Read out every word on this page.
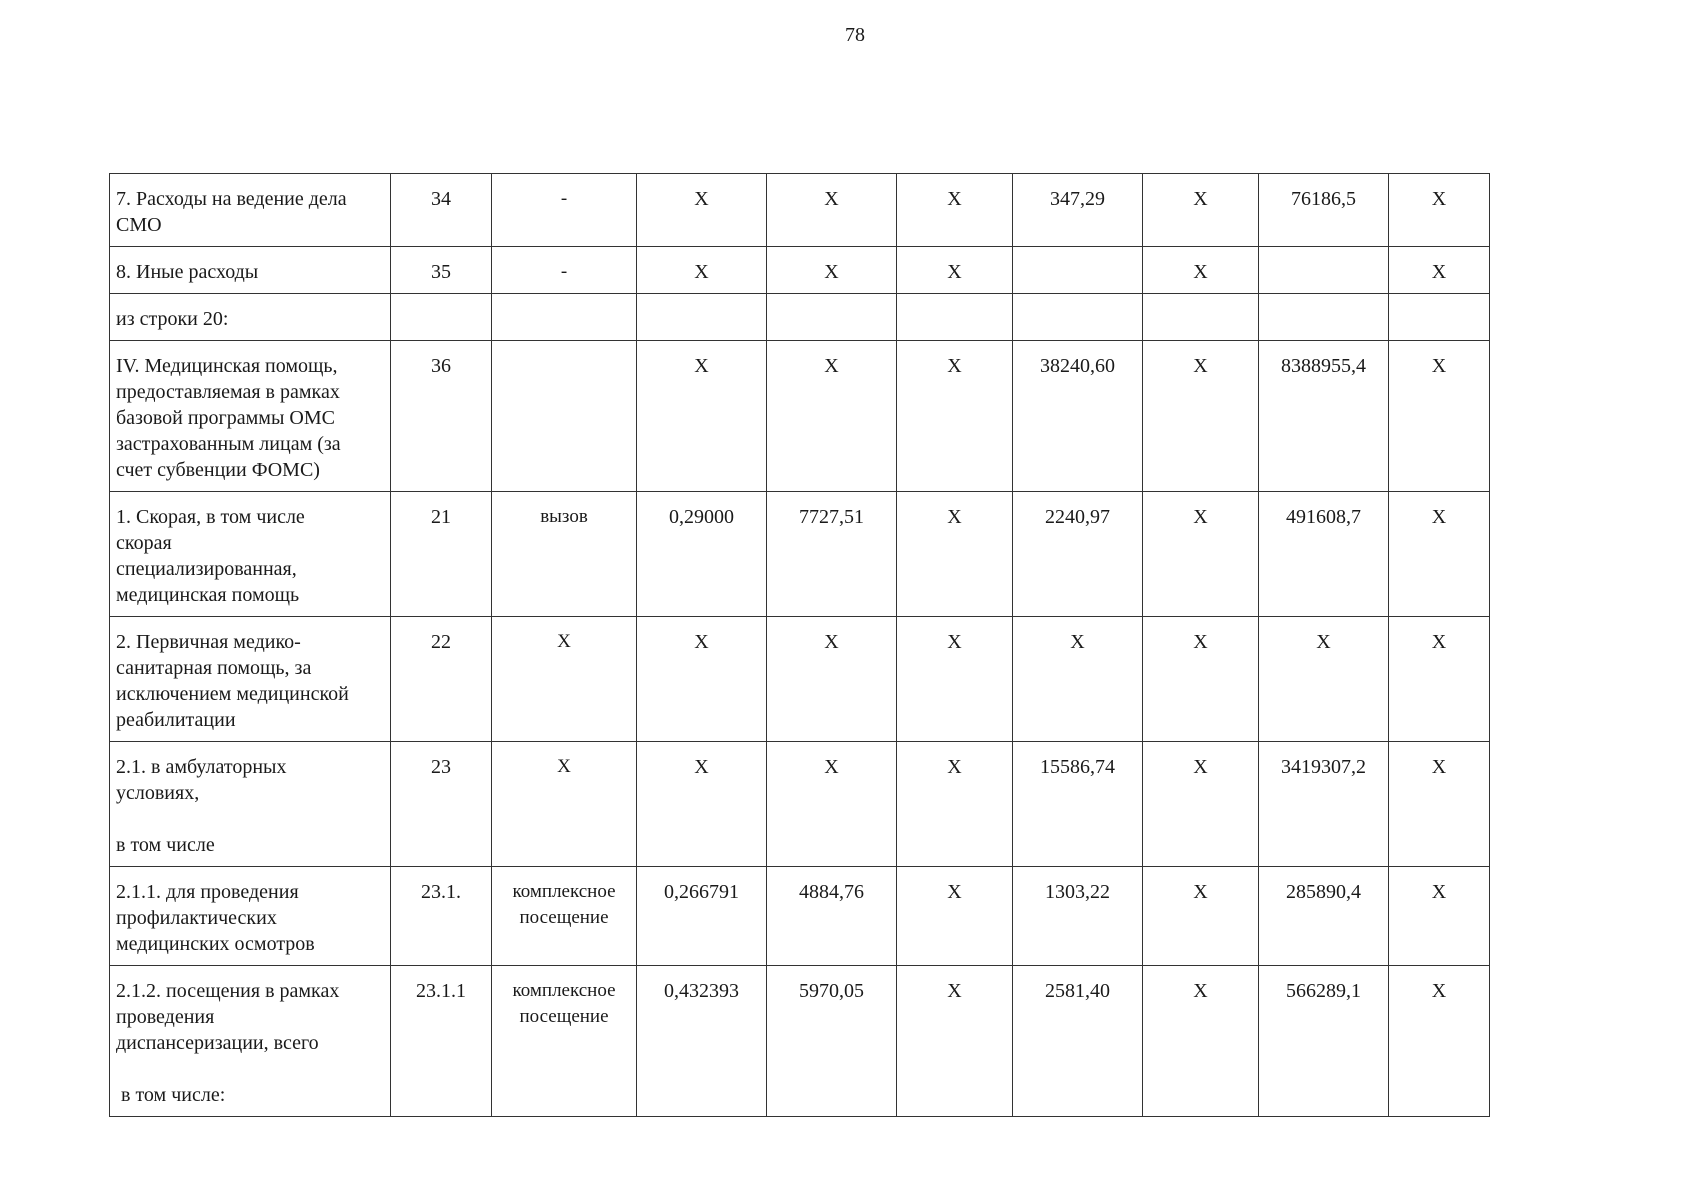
78
7. Расходы на ведение дела
СМО	34	-	X	X	X	347,29	X	76186,5	X

8. Иные расходы	35	-	X	X	X		X		X

из строки 20:									

IV. Медицинская помощь,
предоставляемая в рамках
базовой программы ОМС
застрахованным лицам (за
счет субвенции ФОМС)	36		X	X	X	38240,60	X	8388955,4	X

1. Скорая, в том числе
скорая
специализированная,
медицинская помощь	21	вызов	0,29000	7727,51	X	2240,97	X	491608,7	X

2. Первичная медико-
санитарная помощь, за
исключением медицинской
реабилитации	22	X	X	X	X	X	X	X	X

2.1. в амбулаторных
условиях,
в том числе	23	X	X	X	X	15586,74	X	3419307,2	X

2.1.1. для проведения
профилактических
медицинских осмотров	23.1.	комплексное посещение	0,266791	4884,76	X	1303,22	X	285890,4	X

2.1.2. посещения в рамках
проведения
диспансеризации, всего
в том числе:	23.1.1	комплексное посещение	0,432393	5970,05	X	2581,40	X	566289,1	X
